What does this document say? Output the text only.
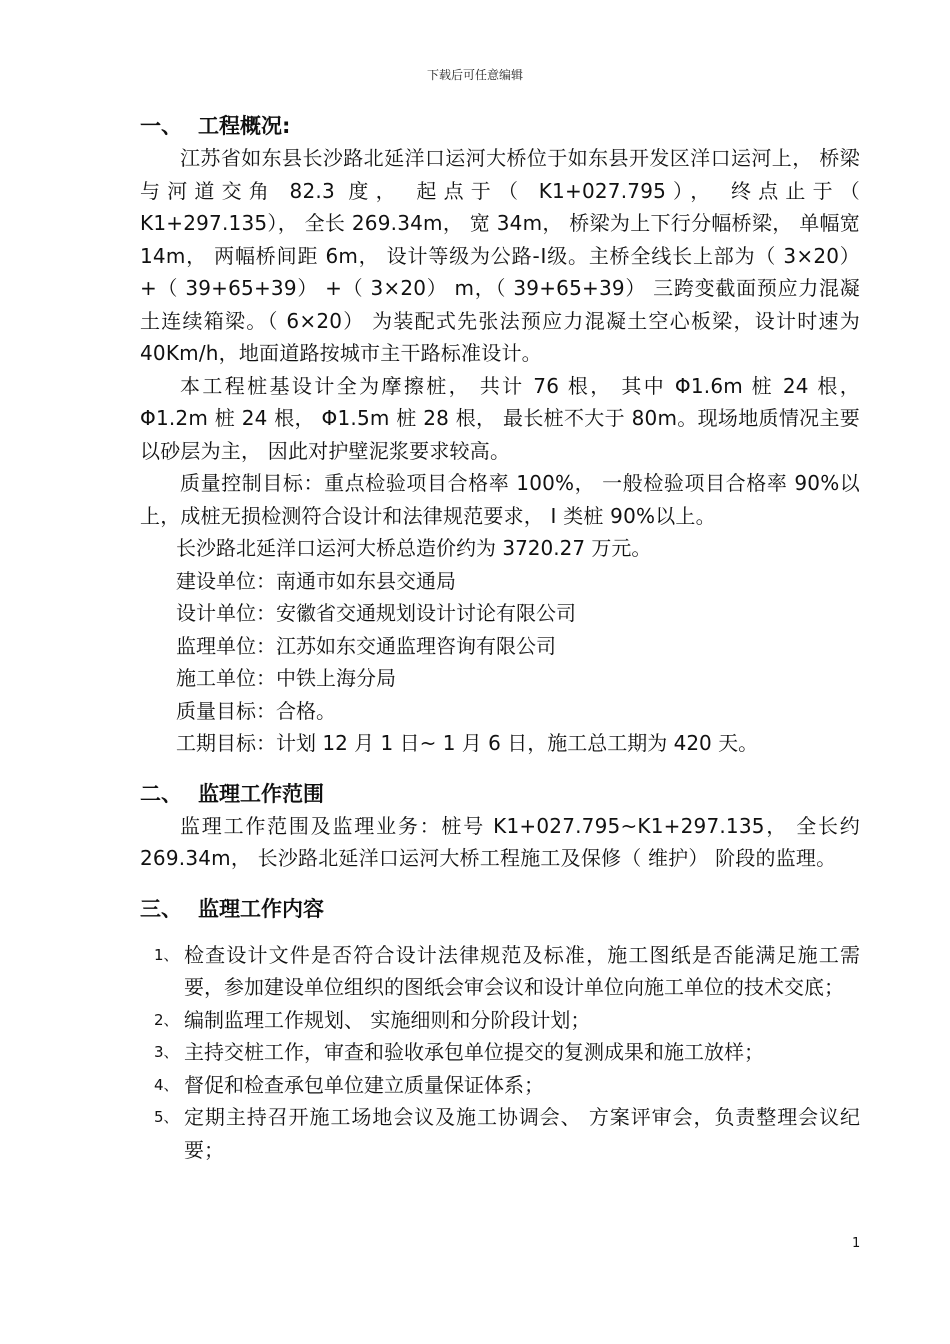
下载后可任意编辑
一、 工程概况:

江苏省如东县长沙路北延洋口运河大桥位于如东县开发区洋口运河上， 桥梁与河道交角 82.3 度， 起点于（ K1+027.795）， 终点止于（ K1+297.135）， 全长 269.34m， 宽 34m， 桥梁为上下行分幅桥梁， 单幅宽 14m， 两幅桥间距 6m， 设计等级为公路-Ⅰ级。主桥全线长上部为（ 3×20） +（ 39+65+39） +（ 3×20） m，（ 39+65+39） 三跨变截面预应力混凝土连续箱梁。（ 6×20） 为装配式先张法预应力混凝土空心板梁，设计时速为 40Km/h，地面道路按城市主干路标准设计。

本工程桩基设计全为摩擦桩， 共计 76 根， 其中 Φ1.6m 桩 24 根， Φ1.2m 桩 24 根， Φ1.5m 桩 28 根， 最长桩不大于 80m。现场地质情况主要以砂层为主， 因此对护壁泥浆要求较高。

质量控制目标：重点检验项目合格率 100%， 一般检验项目合格率 90%以上，成桩无损检测符合设计和法律规范要求， Ⅰ 类桩 90%以上。

长沙路北延洋口运河大桥总造价约为 3720.27 万元。

建设单位：南通市如东县交通局

设计单位：安徽省交通规划设计讨论有限公司

监理单位：江苏如东交通监理咨询有限公司

施工单位：中铁上海分局

质量目标：合格。

工期目标：计划 12 月 1 日~ 1 月 6 日，施工总工期为 420 天。

二、 监理工作范围

监理工作范围及监理业务：桩号 K1+027.795~K1+297.135， 全长约 269.34m， 长沙路北延洋口运河大桥工程施工及保修（ 维护） 阶段的监理。

三、 监理工作内容

1、 检查设计文件是否符合设计法律规范及标准，施工图纸是否能满足施工需要，参加建设单位组织的图纸会审会议和设计单位向施工单位的技术交底；

2、 编制监理工作规划、 实施细则和分阶段计划；

3、 主持交桩工作，审查和验收承包单位提交的复测成果和施工放样；

4、 督促和检查承包单位建立质量保证体系；

5、 定期主持召开施工场地会议及施工协调会、 方案评审会，负责整理会议纪要；

1
